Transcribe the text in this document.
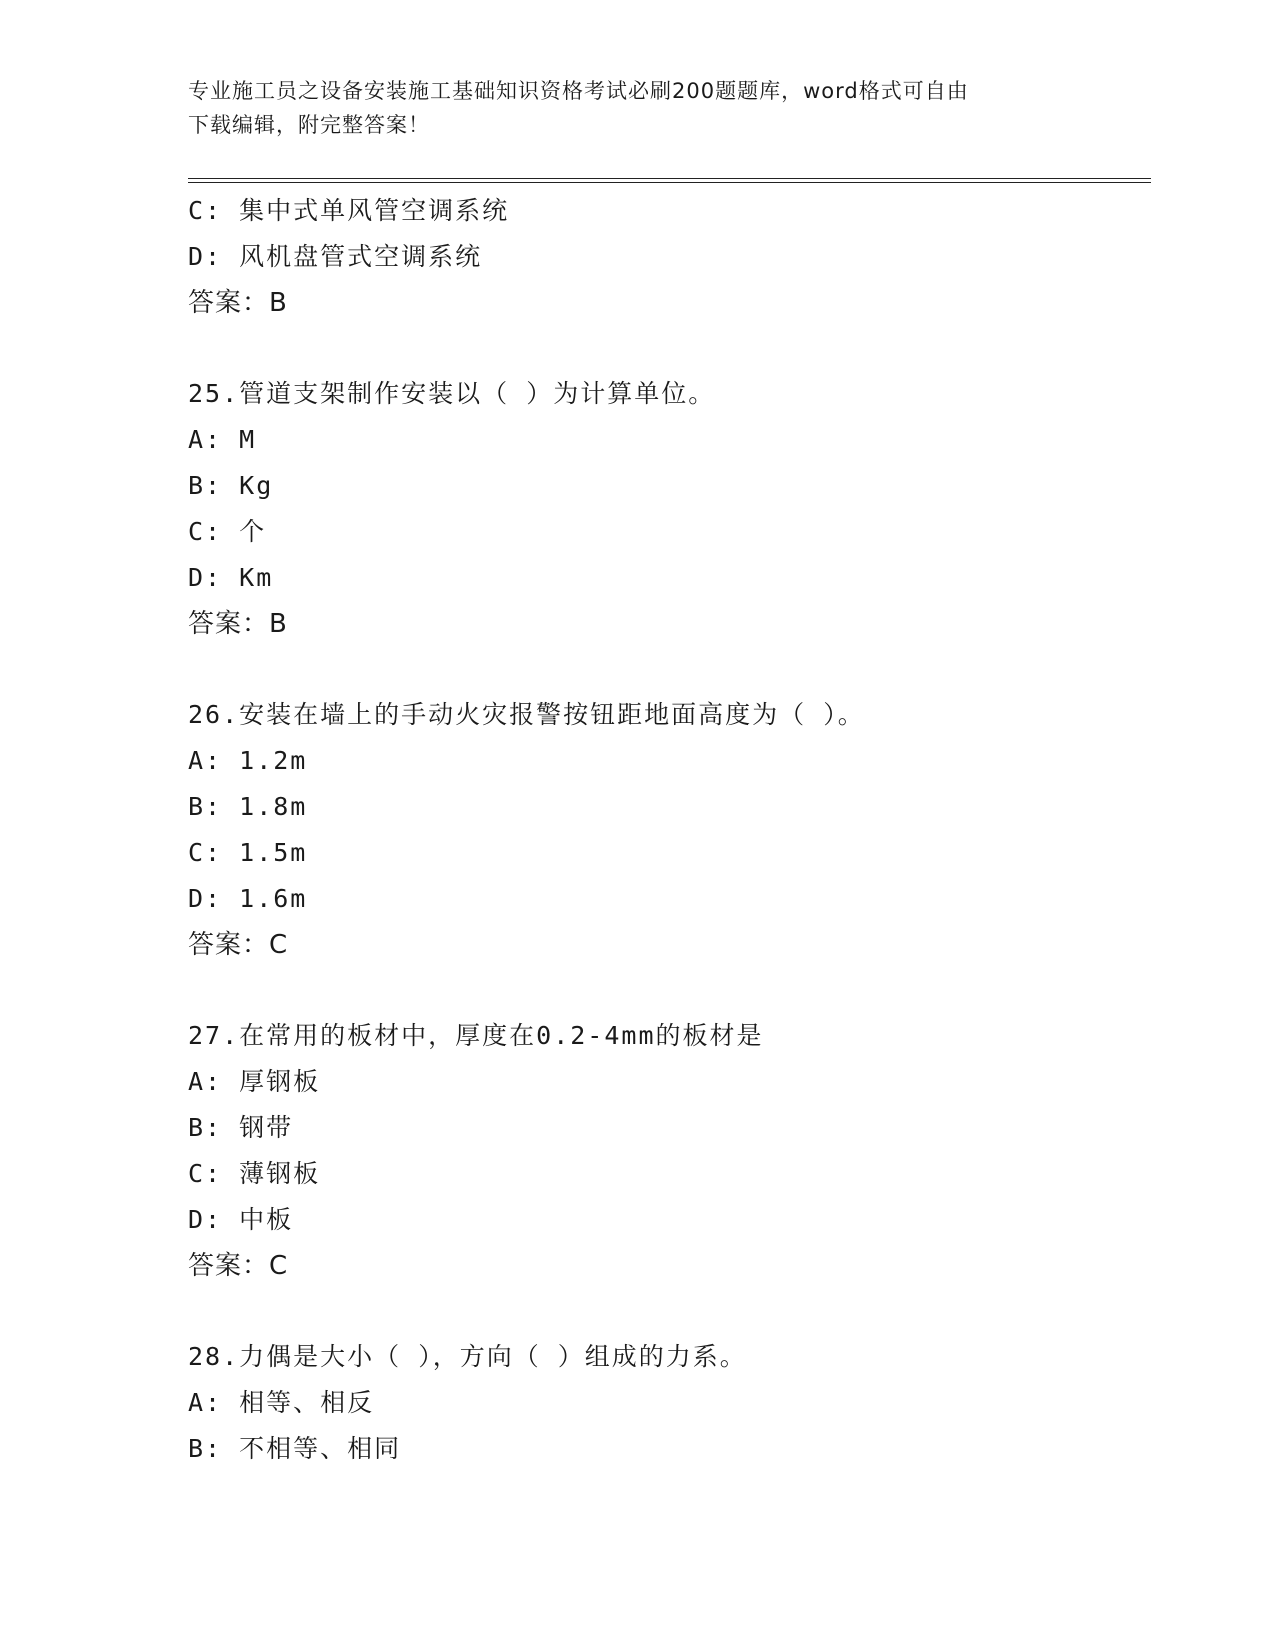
专业施工员之设备安装施工基础知识资格考试必刷200题题库，word格式可自由
下载编辑，附完整答案！
C: 集中式单风管空调系统
D: 风机盘管式空调系统
答案：B
25.管道支架制作安装以（ ）为计算单位。
A: M
B: Kg
C: 个
D: Km
答案：B
26.安装在墙上的手动火灾报警按钮距地面高度为（ ）。
A: 1.2m
B: 1.8m
C: 1.5m
D: 1.6m
答案：C
27.在常用的板材中，厚度在0.2-4mm的板材是
A: 厚钢板
B: 钢带
C: 薄钢板
D: 中板
答案：C
28.力偶是大小（ ），方向（ ）组成的力系。
A: 相等、相反
B: 不相等、相同
